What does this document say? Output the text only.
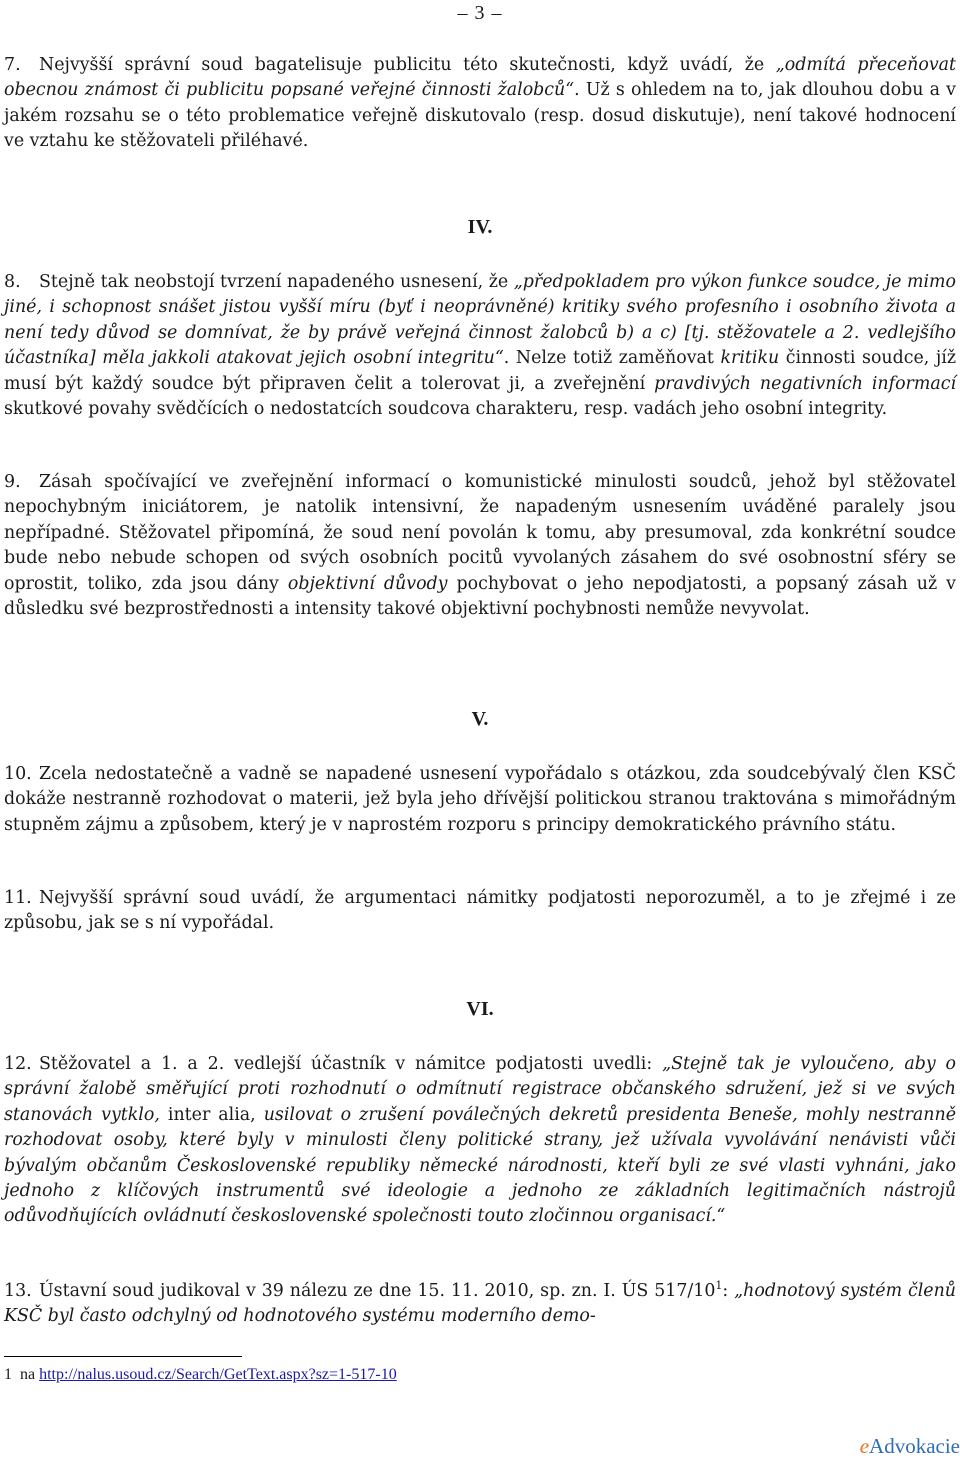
– 3 –

7. Nejvyšší správní soud bagatelisuje publicitu této skutečnosti, když uvádí, že „odmítá přeceňovat obecnou známost či publicitu popsané veřejné činnosti žalobců“. Už s ohledem na to, jak dlouhou dobu a v jakém rozsahu se o této problematice veřejně diskutovalo (resp. dosud diskutuje), není takové hodnocení ve vztahu ke stěžovateli přiléhavé.

IV.

8. Stejně tak neobstojí tvrzení napadeného usnesení, že „předpokladem pro výkon funkce soudce, je mimo jiné, i schopnost snášet jistou vyšší míru (byť i neoprávněné) kritiky svého profesního i osobního života a není tedy důvod se domnívat, že by právě veřejná činnost žalobců b) a c) [tj. stěžovatele a 2. vedlejšího účastníka] měla jakkoli atakovat jejich osobní integritu“. Nelze totiž zaměňovat kritiku činnosti soudce, jíž musí být každý soudce být připraven čelit a tolerovat ji, a zveřejnění pravdivých negativních informací skutkové povahy svědčících o nedostatcích soudcova charakteru, resp. vadách jeho osobní integrity.

9. Zásah spočívající ve zveřejnění informací o komunistické minulosti soudců, jehož byl stěžovatel nepochybným iniciátorem, je natolik intensivní, že napadeným usnesením uváděné paralely jsou nepřípadné. Stěžovatel připomíná, že soud není povolán k tomu, aby presumoval, zda konkrétní soudce bude nebo nebude schopen od svých osobních pocitů vyvolaných zásahem do své osobnostní sféry se oprostit, toliko, zda jsou dány objektivní důvody pochybovat o jeho nepodjatosti, a popsaný zásah už v důsledku své bezprostřednosti a intensity takové objektivní pochybnosti nemůže nevyvolat.

V.

10. Zcela nedostatečně a vadně se napadené usnesení vypořádalo s otázkou, zda soudcebývalý člen KSČ dokáže nestranně rozhodovat o materii, jež byla jeho dřívější politickou stranou traktována s mimořádným stupněm zájmu a způsobem, který je v naprostém rozporu s principy demokratického právního státu.

11. Nejvyšší správní soud uvádí, že argumentaci námitky podjatosti neporozuměl, a to je zřejmé i ze způsobu, jak se s ní vypořádal.

VI.

12. Stěžovatel a 1. a 2. vedlejší účastník v námitce podjatosti uvedli: „Stejně tak je vyloučeno, aby o správní žalobě směřující proti rozhodnutí o odmítnutí registrace občanského sdružení, jež si ve svých stanovách vytklo, inter alia, usilovat o zrušení poválečných dekretů presidenta Beneše, mohly nestranně rozhodovat osoby, které byly v minulosti členy politické strany, jež užívala vyvolávání nenávisti vůči bývalým občanům Československé republiky německé národnosti, kteří byli ze své vlasti vyhnáni, jako jednoho z klíčových instrumentů své ideologie a jednoho ze základních legitimačních nástrojů odůvodňujících ovládnutí československé společnosti touto zločinnou organisací.“

13. Ústavní soud judikoval v 39 nálezu ze dne 15. 11. 2010, sp. zn. I. ÚS $517/10^1$: „hodnotový systém členů KSČ byl často odchylný od hodnotového systému moderního demo-

1 na http://nalus.usoud.cz/Search/GetText.aspx?sz=1-517-10
eAdvokacie
